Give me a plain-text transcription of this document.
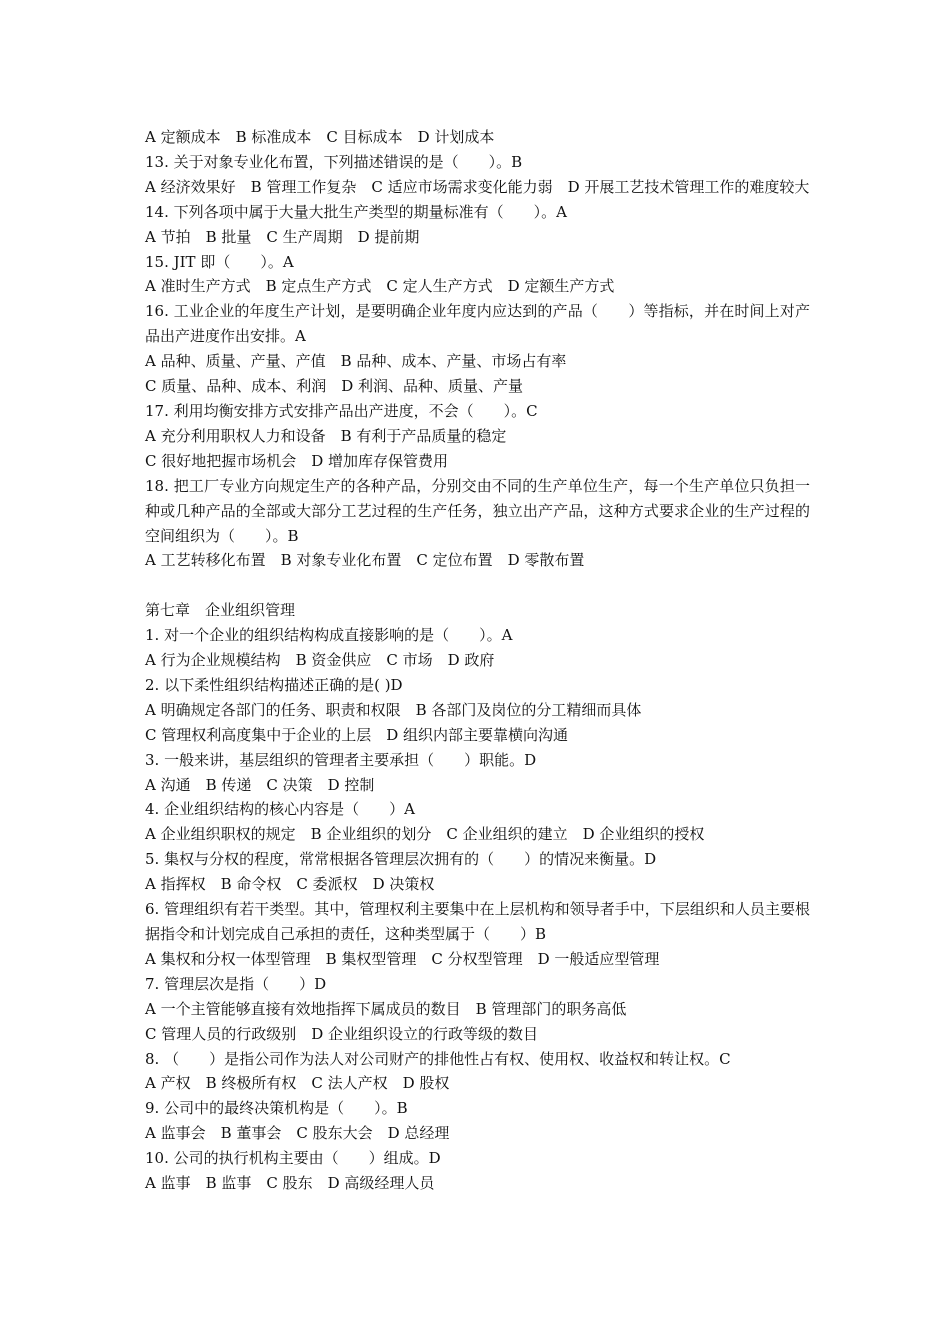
A 定额成本　B 标准成本　C 目标成本　D 计划成本

13. 关于对象专业化布置，下列描述错误的是（　　）。B

A 经济效果好　B 管理工作复杂　C 适应市场需求变化能力弱　D 开展工艺技术管理工作的难度较大

14. 下列各项中属于大量大批生产类型的期量标准有（　　）。A

A 节拍　B 批量　C 生产周期　D 提前期

15. JIT 即（　　）。A

A 准时生产方式　B 定点生产方式　C 定人生产方式　D 定额生产方式

16. 工业企业的年度生产计划，是要明确企业年度内应达到的产品（　　）等指标，并在时间上对产品出产进度作出安排。A

A 品种、质量、产量、产值　B 品种、成本、产量、市场占有率

C 质量、品种、成本、利润　D 利润、品种、质量、产量

17. 利用均衡安排方式安排产品出产进度，不会（　　）。C

A 充分利用职权人力和设备　B 有利于产品质量的稳定

C 很好地把握市场机会　D 增加库存保管费用

18. 把工厂专业方向规定生产的各种产品，分别交由不同的生产单位生产，每一个生产单位只负担一种或几种产品的全部或大部分工艺过程的生产任务，独立出产产品，这种方式要求企业的生产过程的空间组织为（　　）。B

A 工艺转移化布置　B 对象专业化布置　C 定位布置　D 零散布置

第七章　企业组织管理

1. 对一个企业的组织结构构成直接影响的是（　　）。A

A 行为企业规模结构　B 资金供应　C 市场　D 政府

2. 以下柔性组织结构描述正确的是( )D

A 明确规定各部门的任务、职责和权限　B 各部门及岗位的分工精细而具体

C 管理权利高度集中于企业的上层　D 组织内部主要靠横向沟通

3. 一般来讲，基层组织的管理者主要承担（　　）职能。D

A 沟通　B 传递　C 决策　D 控制

4. 企业组织结构的核心内容是（　　）A

A 企业组织职权的规定　B 企业组织的划分　C 企业组织的建立　D 企业组织的授权

5. 集权与分权的程度，常常根据各管理层次拥有的（　　）的情况来衡量。D

A 指挥权　B 命令权　C 委派权　D 决策权

6. 管理组织有若干类型。其中，管理权利主要集中在上层机构和领导者手中，下层组织和人员主要根据指令和计划完成自己承担的责任，这种类型属于（　　）B

A 集权和分权一体型管理　B 集权型管理　C 分权型管理　D 一般适应型管理

7. 管理层次是指（　　）D

A 一个主管能够直接有效地指挥下属成员的数目　B 管理部门的职务高低

C 管理人员的行政级别　D 企业组织设立的行政等级的数目

8. （　　）是指公司作为法人对公司财产的排他性占有权、使用权、收益权和转让权。C

A 产权　B 终极所有权　C 法人产权　D 股权

9. 公司中的最终决策机构是（　　）。B

A 监事会　B 董事会　C 股东大会　D 总经理

10. 公司的执行机构主要由（　　）组成。D

A 监事　B 监事　C 股东　D 高级经理人员
